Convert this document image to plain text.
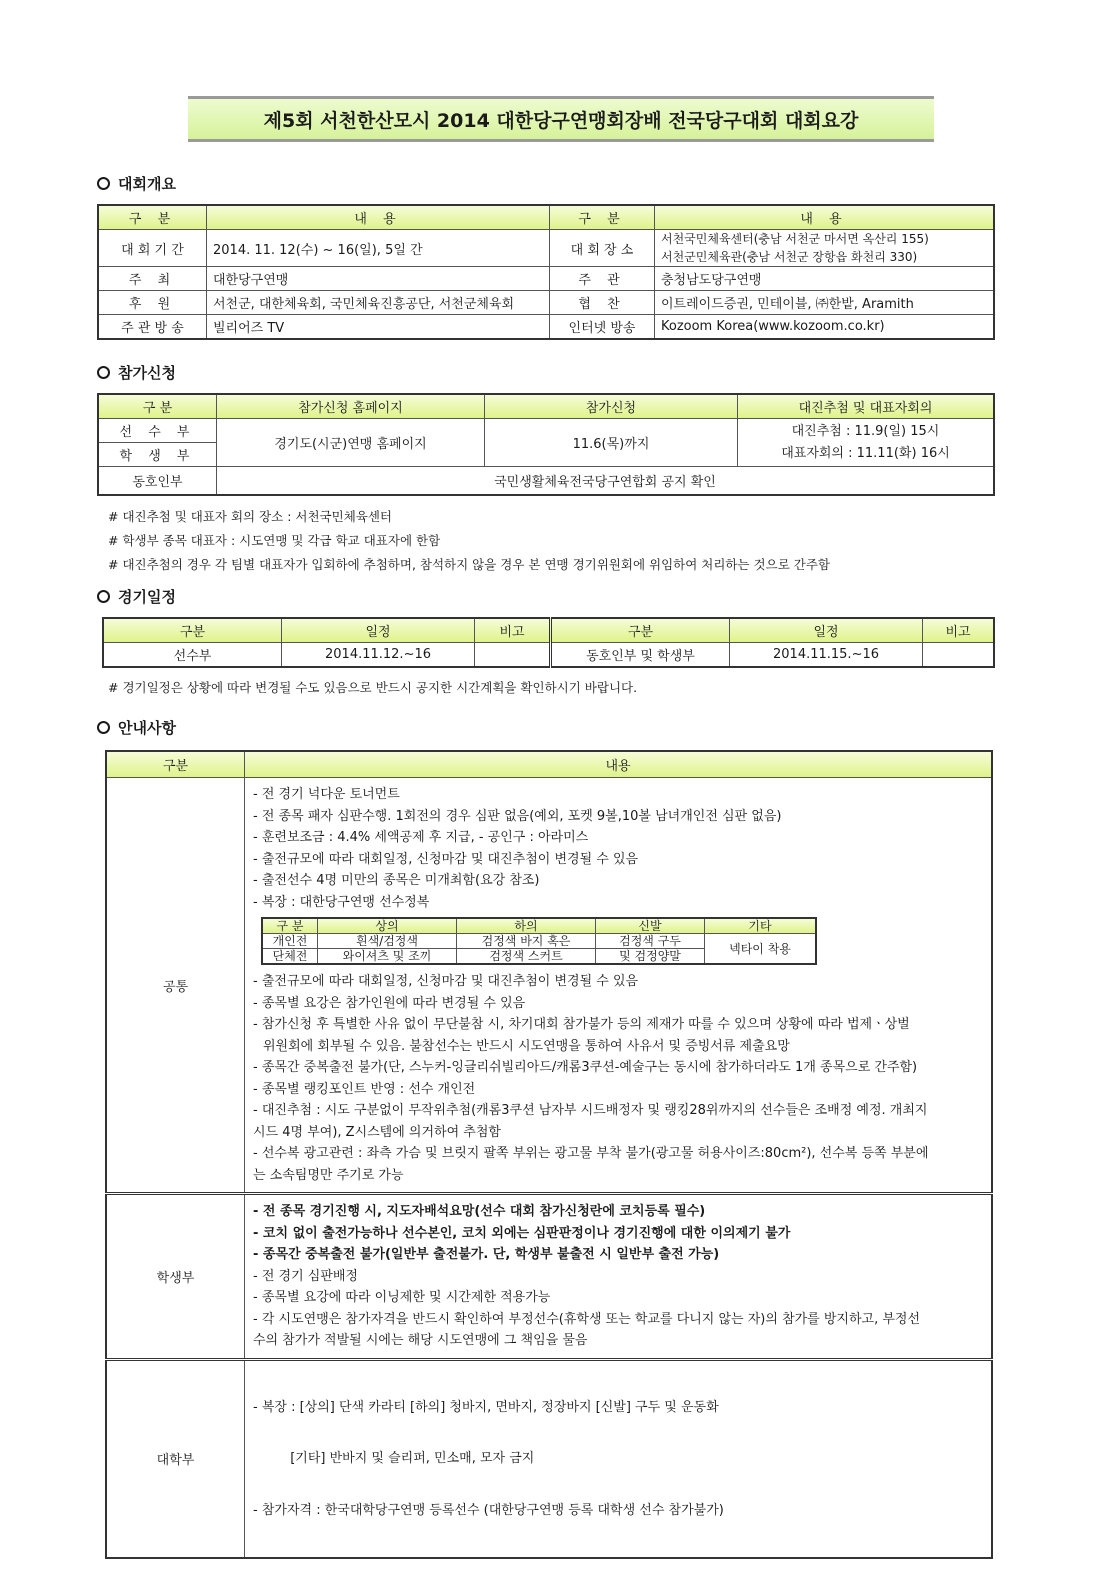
제5회 서천한산모시 2014 대한당구연맹회장배 전국당구대회 대회요강
대회개요
구 분	내 용	구 분	내 용
대 회 기 간	2014. 11. 12(수) ~ 16(일), 5일 간	대 회 장 소	서천국민체육센터(충남 서천군 마서면 옥산리 155)
서천군민체육관(충남 서천군 장항읍 화천리 330)

주 최	대한당구연맹	주 관	충청남도당구연맹
후 원	서천군, 대한체육회, 국민체육진흥공단, 서천군체육회	협 찬	이트레이드증권, 민테이블, ㈜한밭, Aramith
주 관 방 송	빌리어즈 TV	인터넷 방송	Kozoom Korea(www.kozoom.co.kr)
참가신청
구 분	참가신청 홈페이지	참가신청	대진추첨 및 대표자회의
선 수 부	경기도(시군)연맹 홈페이지	11.6(목)까지	대진추첨 : 11.9(일) 15시
대표자회의 : 11.11(화) 16시

학 생 부			
동호인부	국민생활체육전국당구연합회 공지 확인		
# 대진추첨 및 대표자 회의 장소 : 서천국민체육센터
# 학생부 종목 대표자 : 시도연맹 및 각급 학교 대표자에 한함
# 대진추첨의 경우 각 팀별 대표자가 입회하에 추첨하며, 참석하지 않을 경우 본 연맹 경기위원회에 위임하여 처리하는 것으로 간주함
경기일정
구분	일정	비고	구분	일정	비고
선수부	2014.11.12.~16		동호인부 및 학생부	2014.11.15.~16	
# 경기일정은 상황에 따라 변경될 수도 있음으로 반드시 공지한 시간계획을 확인하시기 바랍니다.
안내사항
구분	내용
공통	
- 전 경기 넉다운 토너먼트
- 전 종목 패자 심판수행. 1회전의 경우 심판 없음(예외, 포켓 9볼,10볼 남녀개인전 심판 없음)
- 훈련보조금 : 4.4% 세액공제 후 지급, - 공인구 : 아라미스
- 출전규모에 따라 대회일정, 신청마감 및 대진추첨이 변경될 수 있음
- 출전선수 4명 미만의 종목은 미개최함(요강 참조)
- 복장 : 대한당구연맹 선수정복
구 분	상의	하의	신발	기타
개인전	흰색/검정색	검정색 바지 혹은	검정색 구두	넥타이 착용
단체전	와이셔츠 및 조끼	검정색 스커트	및 검정양말
- 출전규모에 따라 대회일정, 신청마감 및 대진추첨이 변경될 수 있음
- 종목별 요강은 참가인원에 따라 변경될 수 있음
- 참가신청 후 특별한 사유 없이 무단불참 시, 차기대회 참가불가 등의 제재가 따를 수 있으며 상황에 따라 법제ㆍ상벌
위원회에 회부될 수 있음. 불참선수는 반드시 시도연맹을 통하여 사유서 및 증빙서류 제출요망
- 종목간 중복출전 불가(단, 스누커-잉글리쉬빌리아드/캐롬3쿠션-예술구는 동시에 참가하더라도 1개 종목으로 간주함)
- 종목별 랭킹포인트 반영 : 선수 개인전
- 대진추첨 : 시도 구분없이 무작위추첨(캐롬3쿠션 남자부 시드배정자 및 랭킹28위까지의 선수들은 조배정 예정. 개최지
시드 4명 부여), Z시스템에 의거하여 추첨함
- 선수복 광고관련 : 좌측 가슴 및 브릿지 팔쪽 부위는 광고물 부착 불가(광고물 허용사이즈:80cm²), 선수복 등쪽 부분에
는 소속팀명만 주기로 가능

학생부	
- 전 종목 경기진행 시, 지도자배석요망(선수 대회 참가신청란에 코치등록 필수)
- 코치 없이 출전가능하나 선수본인, 코치 외에는 심판판정이나 경기진행에 대한 이의제기 불가
- 종목간 중복출전 불가(일반부 출전불가. 단, 학생부 불출전 시 일반부 출전 가능)
- 전 경기 심판배정
- 종목별 요강에 따라 이닝제한 및 시간제한 적용가능
- 각 시도연맹은 참가자격을 반드시 확인하여 부정선수(휴학생 또는 학교를 다니지 않는 자)의 참가를 방지하고, 부정선
수의 참가가 적발될 시에는 해당 시도연맹에 그 책임을 물음

대학부	

- 복장 : [상의] 단색 카라티 [하의] 청바지, 면바지, 정장바지 [신발] 구두 및 운동화

[기타] 반바지 및 슬리퍼, 민소매, 모자 금지

- 참가자격 : 한국대학당구연맹 등록선수 (대한당구연맹 등록 대학생 선수 참가불가)
